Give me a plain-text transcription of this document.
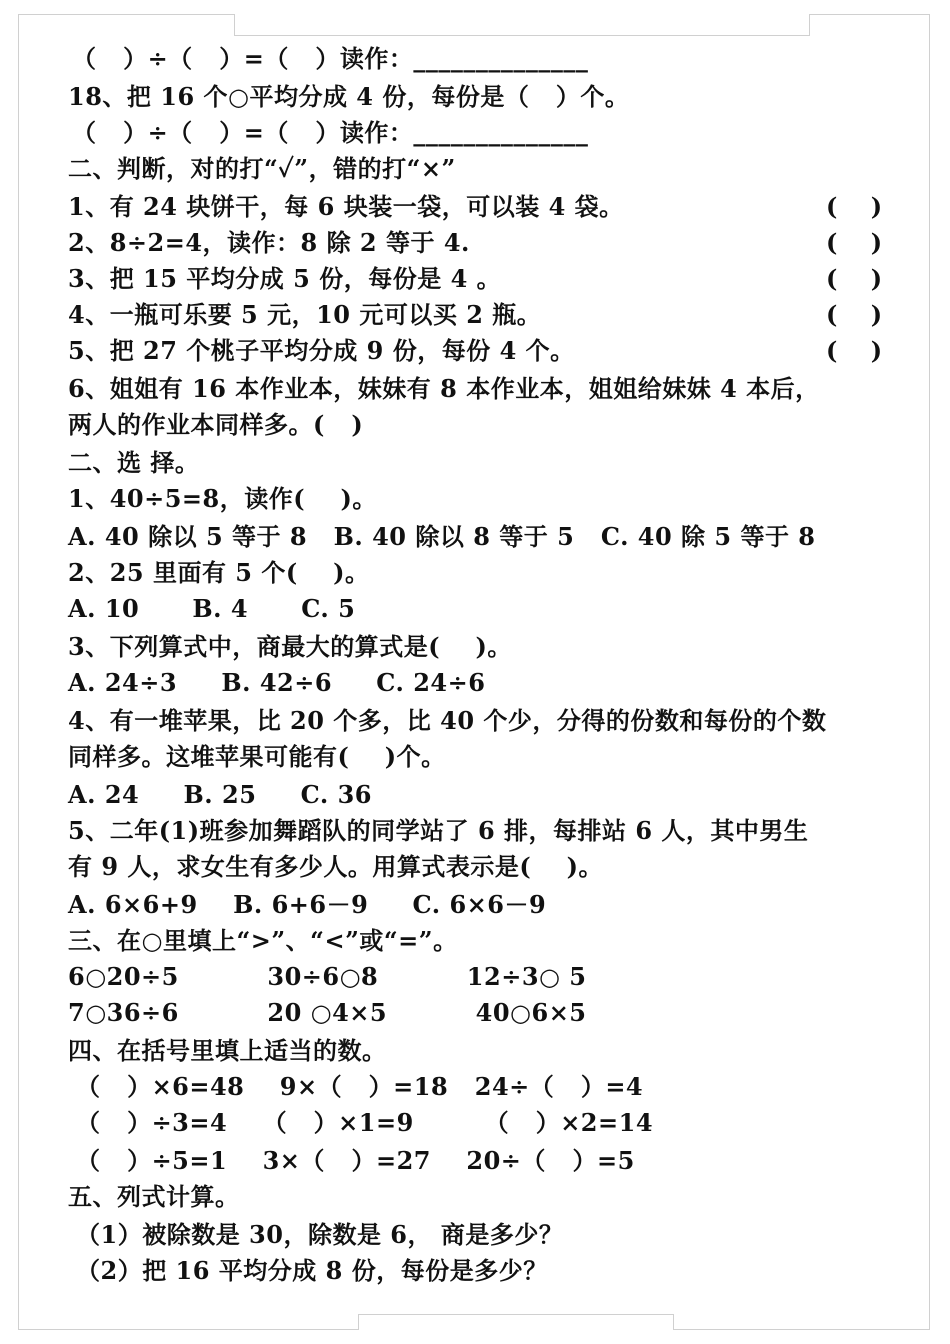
（   ）÷（   ）=（   ）读作：______________
18、把 16 个○平均分成 4 份，每份是（   ）个。
（   ）÷（   ）=（   ）读作：______________
二、判断，对的打“✓”，错的打“×”
1、有 24 块饼干，每 6 块装一袋，可以装 4 袋。
2、8÷2=4，读作：8 除 2 等于 4.
3、把 15 平均分成 5 份，每份是 4 。
4、一瓶可乐要 5 元，10 元可以买 2 瓶。
5、把 27 个桃子平均分成 9 份，每份 4 个。
6、姐姐有 16 本作业本，妹妹有 8 本作业本，姐姐给妹妹 4 本后，
两人的作业本同样多。(   )
二、选 择。
1、40÷5=8，读作(    )。
A. 40 除以 5 等于 8   B. 40 除以 8 等于 5   C. 40 除 5 等于 8
2、25 里面有 5 个(    )。
A. 10      B. 4      C. 5
3、下列算式中，商最大的算式是(    )。
A. 24÷3     B. 42÷6     C. 24÷6
4、有一堆苹果，比 20 个多，比 40 个少，分得的份数和每份的个数
同样多。这堆苹果可能有(    )个。
A. 24     B. 25     C. 36
5、二年(1)班参加舞蹈队的同学站了 6 排，每排站 6 人，其中男生
有 9 人，求女生有多少人。用算式表示是(    )。
A. 6×6+9    B. 6+6－9     C. 6×6－9
三、在○里填上“>”、“<”或“=”。
6○20÷5          30÷6○8          12÷3○ 5
7○36÷6          20 ○4×5          40○6×5
四、在括号里填上适当的数。
（   ）×6=48    9×（   ）=18   24÷（   ）=4
（   ）÷3=4    （   ）×1=9        （   ）×2=14
（   ）÷5=1    3×（   ）=27    20÷（   ）=5
五、列式计算。
（1）被除数是 30，除数是 6， 商是多少？
（2）把 16 平均分成 8 份，每份是多少？
(    )
(    )
(    )
(    )
(    )
